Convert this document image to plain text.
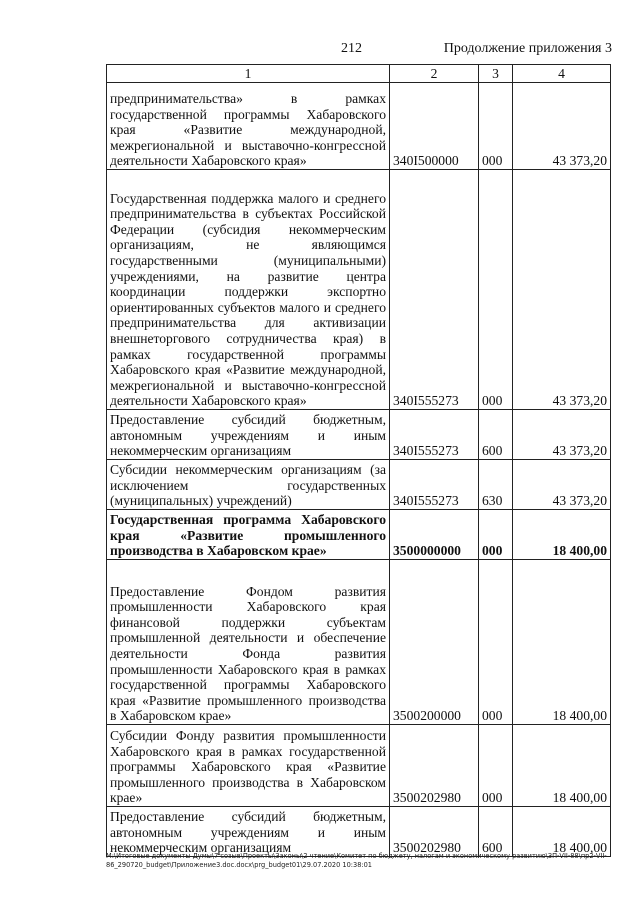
212	Продолжение приложения 3
1	2	3	4
предпринимательства» в рамках государственной программы Хабаровского края «Развитие международной, межрегиональной и выставочно-конгрессной деятельности Хабаровского края»	340I500000	000	43 373,20
Государственная поддержка малого и среднего предпринимательства в субъектах Российской Федерации (субсидия некоммерческим организациям, не являющимся государственными (муниципальными) учреждениями, на развитие центра координации поддержки экспортно ориентированных субъектов малого и среднего предпринимательства для активизации внешнеторгового сотрудничества края) в рамках государственной программы Хабаровского края «Развитие международной, межрегиональной и выставочно-конгрессной деятельности Хабаровского края»	340I555273	000	43 373,20
Предоставление субсидий бюджетным, автономным учреждениям и иным некоммерческим организациям	340I555273	600	43 373,20
Субсидии некоммерческим организациям (за исключением государственных (муниципальных) учреждений)	340I555273	630	43 373,20
Государственная программа Хабаровского края «Развитие промышленного производства в Хабаровском крае»	3500000000	000	18 400,00
Предоставление Фондом развития промышленности Хабаровского края финансовой поддержки субъектам промышленной деятельности и обеспечение деятельности Фонда развития промышленности Хабаровского края в рамках государственной программы Хабаровского края «Развитие промышленного производства в Хабаровском крае»	3500200000	000	18 400,00
Субсидии Фонду развития промышленности Хабаровского края в рамках государственной программы Хабаровского края «Развитие промышленного производства в Хабаровском крае»	3500202980	000	18 400,00
Предоставление субсидий бюджетным, автономным учреждениям и иным некоммерческим организациям	3500202980	600	18 400,00
M:\Итоговые документы Думы\7 созыв\Проекты\Законы\2 чтение\Комитет по бюджету, налогам и экономическому развитию\ЗП-VII-88\пр2-VII-86_290720_budget\Приложение3.doc.docx\prg_budget01\29.07.2020 10:38:01
